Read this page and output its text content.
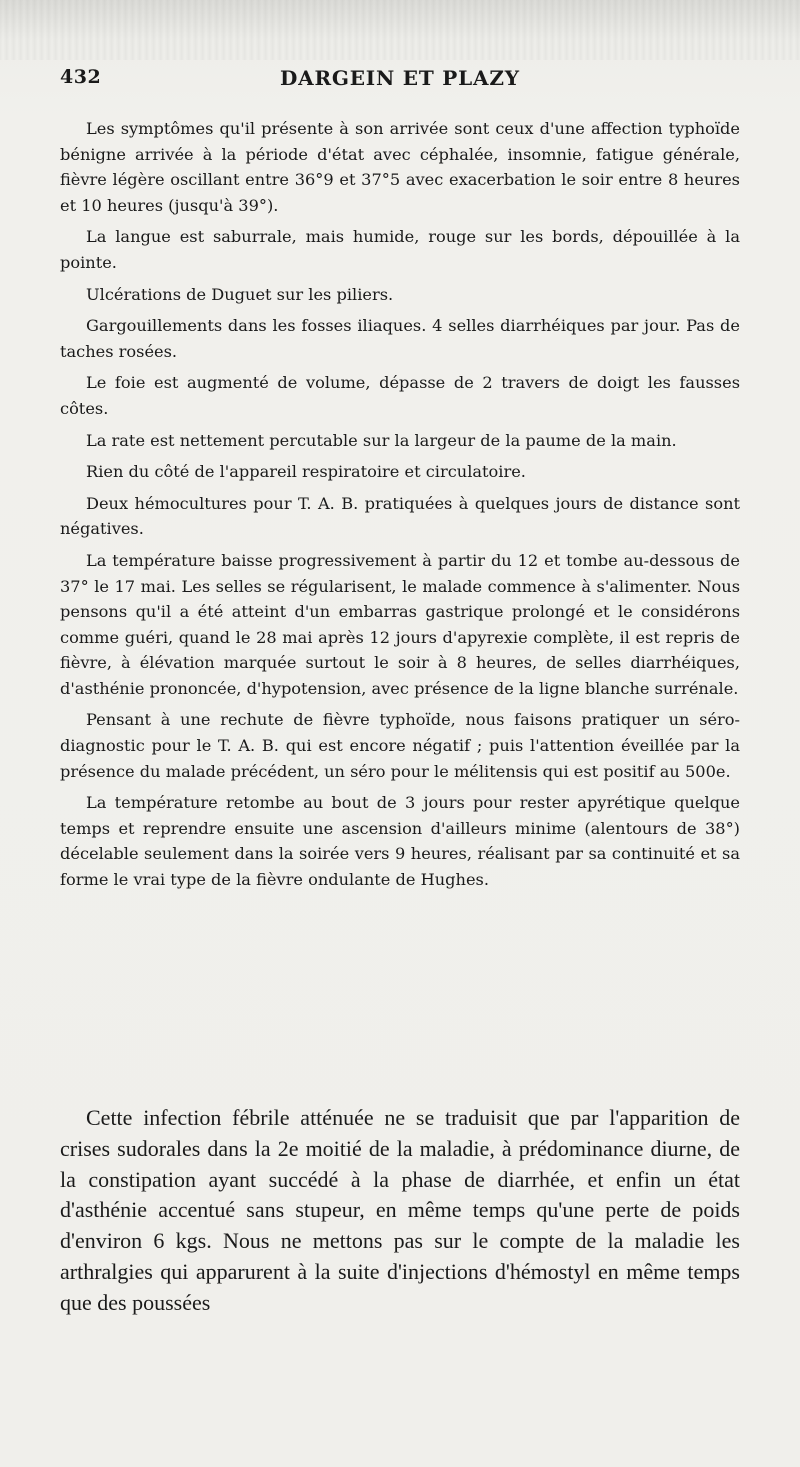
432	DARGEIN ET PLAZY

Les symptômes qu'il présente à son arrivée sont ceux d'une affection typhoïde bénigne arrivée à la période d'état avec céphalée, insomnie, fatigue générale, fièvre légère oscillant entre 36°9 et 37°5 avec exacerbation le soir entre 8 heures et 10 heures (jusqu'à 39°).

La langue est saburrale, mais humide, rouge sur les bords, dépouillée à la pointe.

Ulcérations de Duguet sur les piliers.

Gargouillements dans les fosses iliaques. 4 selles diarrhéiques par jour. Pas de taches rosées.

Le foie est augmenté de volume, dépasse de 2 travers de doigt les fausses côtes.

La rate est nettement percutable sur la largeur de la paume de la main.

Rien du côté de l'appareil respiratoire et circulatoire.

Deux hémocultures pour T. A. B. pratiquées à quelques jours de distance sont négatives.

La température baisse progressivement à partir du 12 et tombe au-dessous de 37° le 17 mai. Les selles se régularisent, le malade commence à s'alimenter. Nous pensons qu'il a été atteint d'un embarras gastrique prolongé et le considérons comme guéri, quand le 28 mai après 12 jours d'apyrexie complète, il est repris de fièvre, à élévation marquée surtout le soir à 8 heures, de selles diarrhéiques, d'asthénie prononcée, d'hypotension, avec présence de la ligne blanche surrénale.

Pensant à une rechute de fièvre typhoïde, nous faisons pratiquer un séro-diagnostic pour le T. A. B. qui est encore négatif ; puis l'attention éveillée par la présence du malade précédent, un séro pour le mélitensis qui est positif au 500e.

La température retombe au bout de 3 jours pour rester apyrétique quelque temps et reprendre ensuite une ascension d'ailleurs minime (alentours de 38°) décelable seulement dans la soirée vers 9 heures, réalisant par sa continuité et sa forme le vrai type de la fièvre ondulante de Hughes.

Cette infection fébrile atténuée ne se traduisit que par l'apparition de crises sudorales dans la 2e moitié de la maladie, à prédominance diurne, de la constipation ayant succédé à la phase de diarrhée, et enfin un état d'asthénie accentué sans stupeur, en même temps qu'une perte de poids d'environ 6 kgs. Nous ne mettons pas sur le compte de la maladie les arthralgies qui apparurent à la suite d'injections d'hémostyl en même temps que des poussées
